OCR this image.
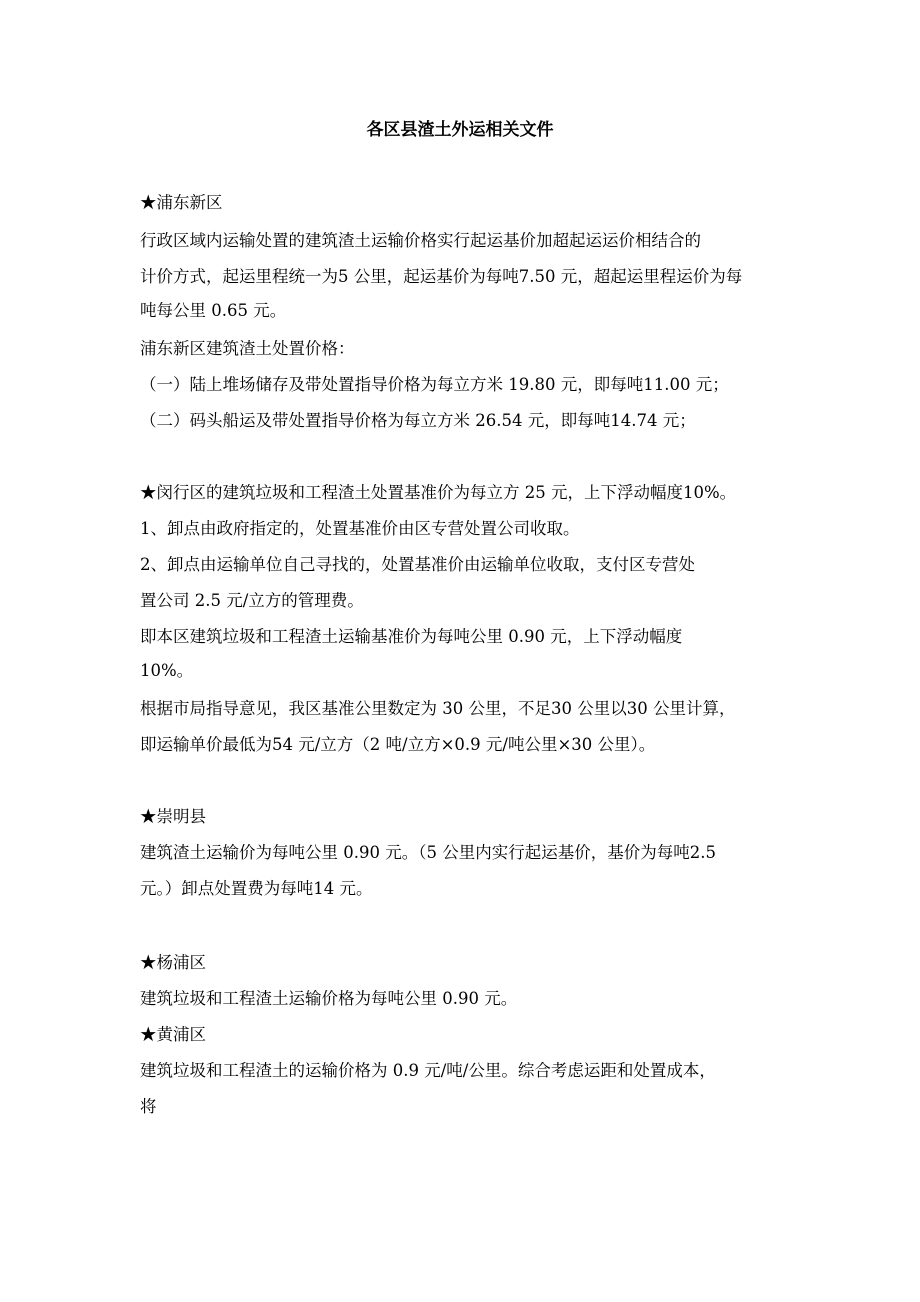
各区县渣土外运相关文件
★浦东新区
行政区域内运输处置的建筑渣土运输价格实行起运基价加超起运运价相结合的
计价方式，起运里程统一为5 公里，起运基价为每吨7.50 元，超起运里程运价为每
吨每公里 0.65 元。
浦东新区建筑渣土处置价格：
（一）陆上堆场储存及带处置指导价格为每立方米 19.80 元，即每吨11.00 元；
（二）码头船运及带处置指导价格为每立方米 26.54 元，即每吨14.74 元；
★闵行区的建筑垃圾和工程渣土处置基准价为每立方 25 元，上下浮动幅度10%。
1、卸点由政府指定的，处置基准价由区专营处置公司收取。
2、卸点由运输单位自己寻找的，处置基准价由运输单位收取，支付区专营处
置公司 2.5 元/立方的管理费。
即本区建筑垃圾和工程渣土运输基准价为每吨公里 0.90 元，上下浮动幅度
10%。
根据市局指导意见，我区基准公里数定为 30 公里，不足30 公里以30 公里计算，
即运输单价最低为54 元/立方（2 吨/立方×0.9 元/吨公里×30 公里）。
★崇明县
建筑渣土运输价为每吨公里 0.90 元。（5 公里内实行起运基价，基价为每吨2.5
元。）卸点处置费为每吨14 元。
★杨浦区
建筑垃圾和工程渣土运输价格为每吨公里 0.90 元。
★黄浦区
建筑垃圾和工程渣土的运输价格为 0.9 元/吨/公里。综合考虑运距和处置成本，
将
